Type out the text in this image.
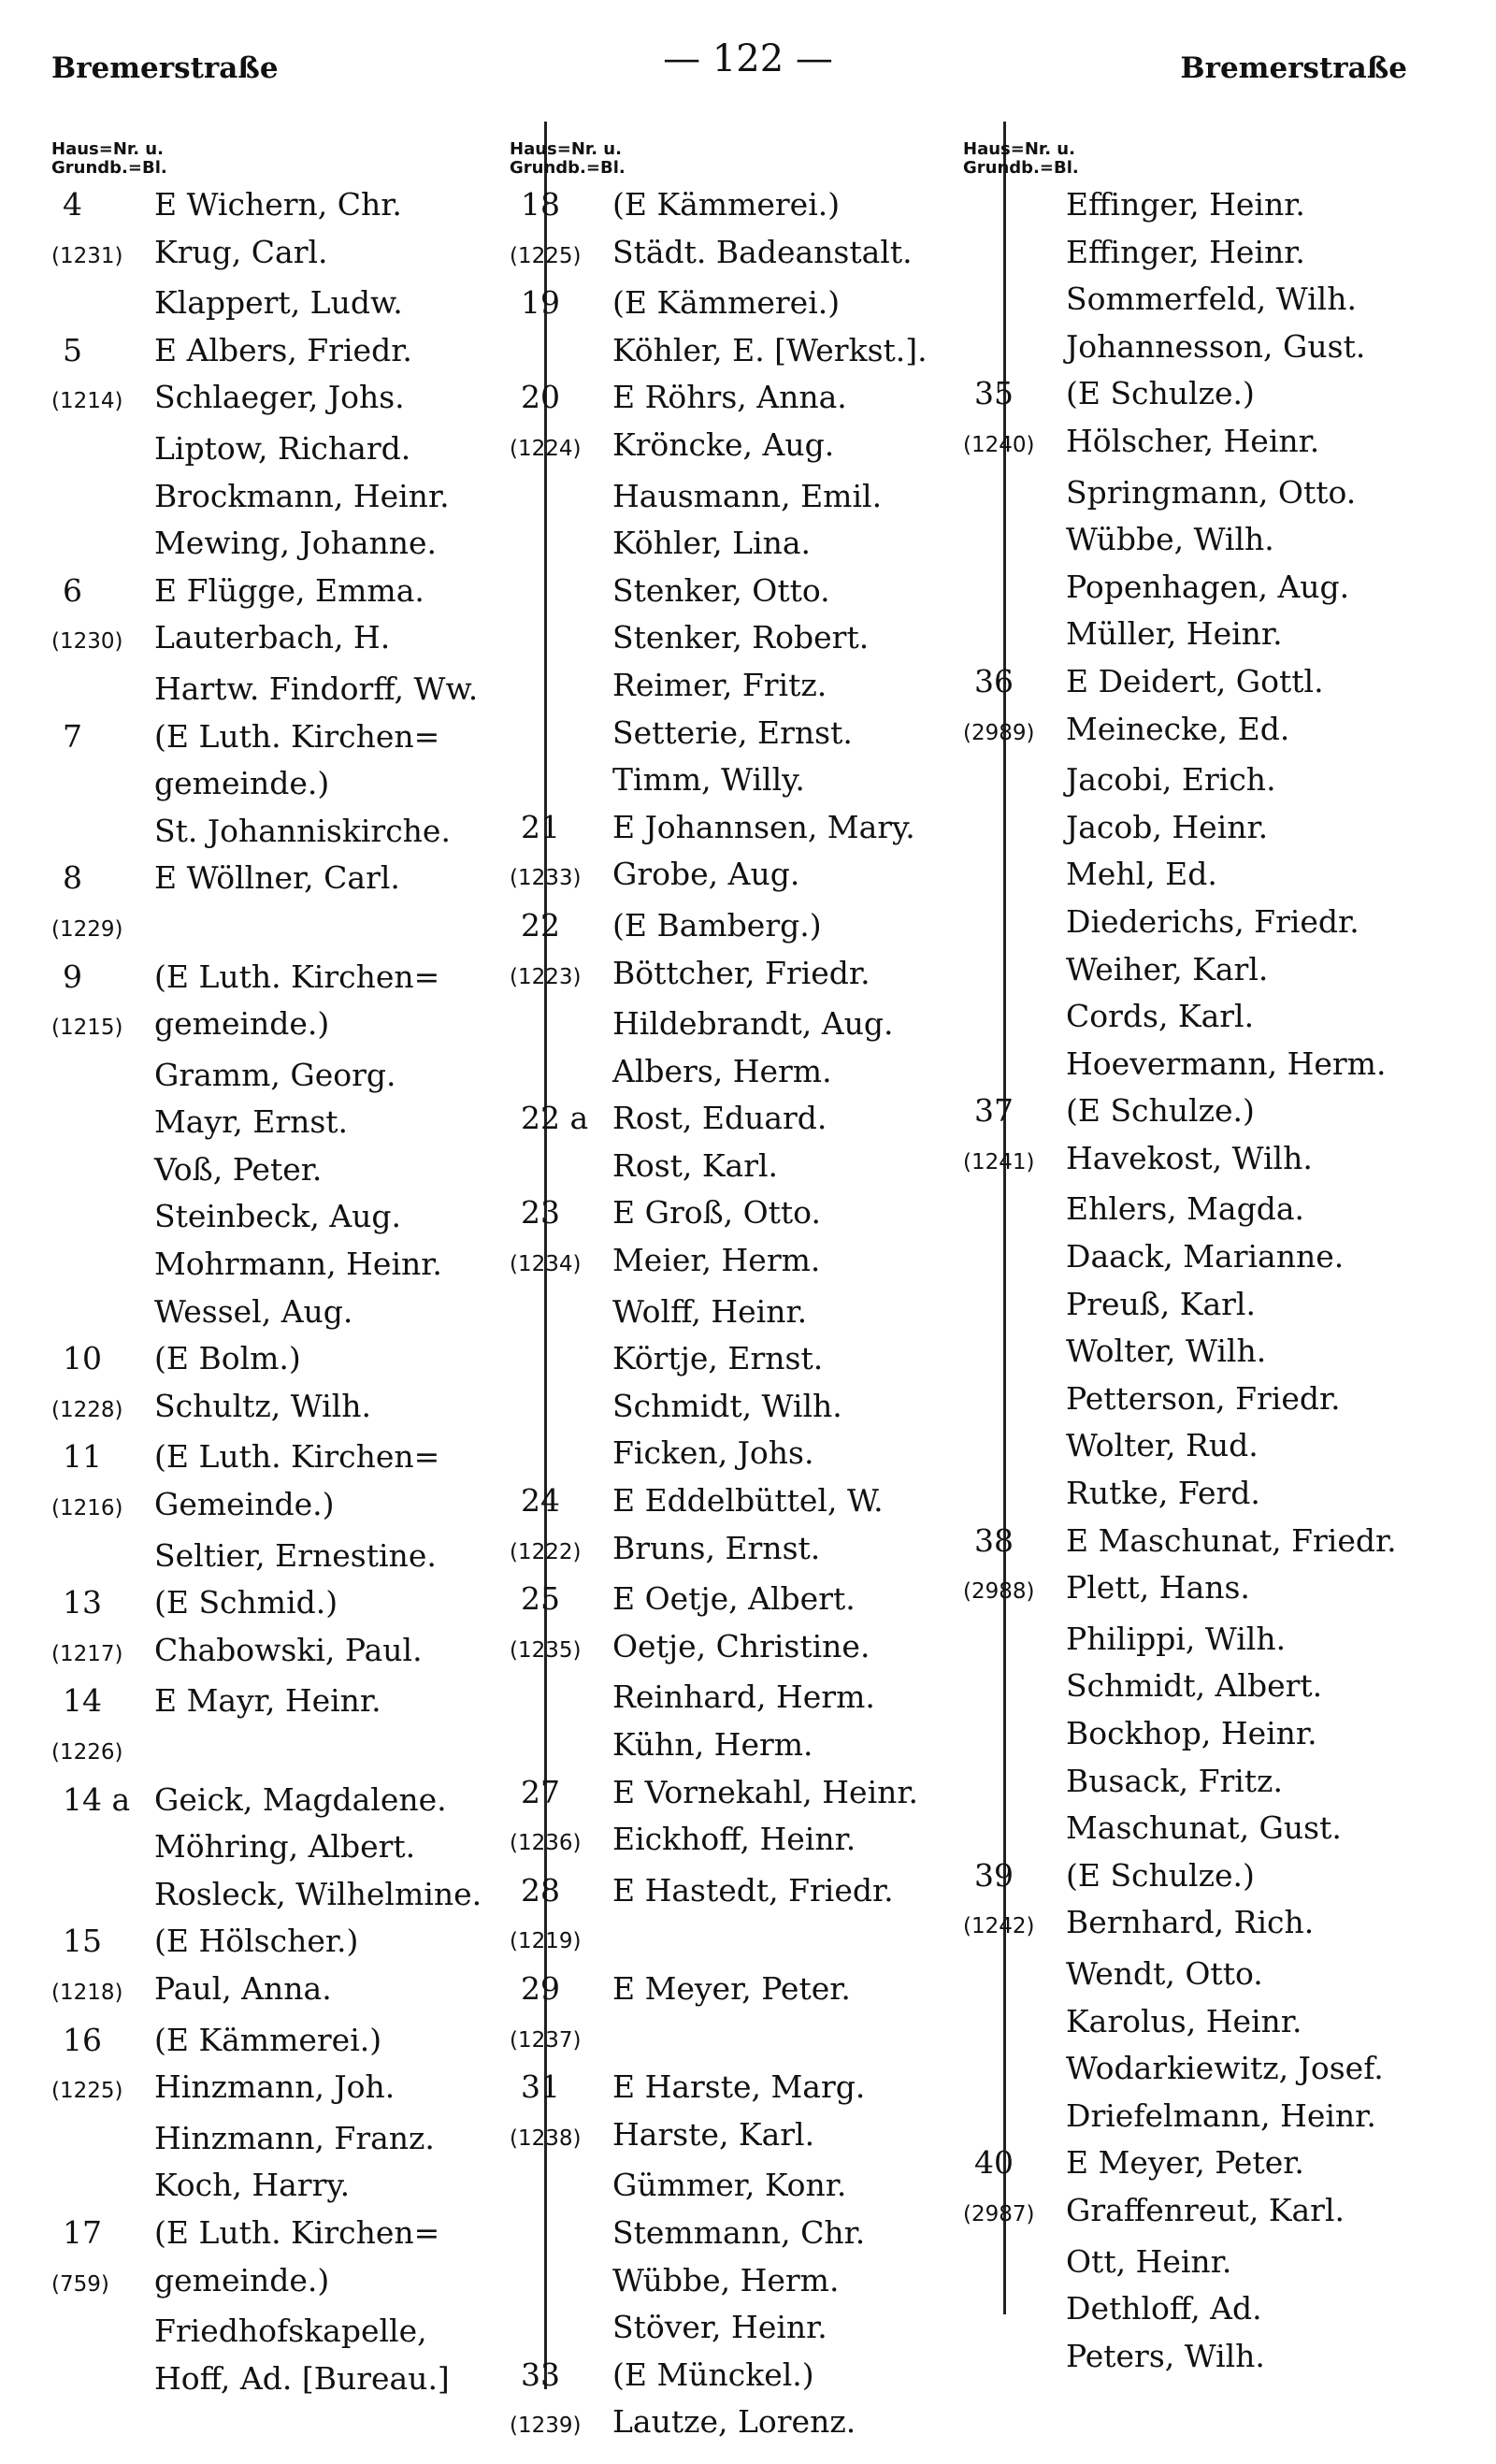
Bremerstraße	— 122 —	Bremerstraße
Haus=Nr. u.
Grundb.=Bl.
4	E Wichern, Chr.
(1231)	Krug, Carl.
Klappert, Ludw.
5	E Albers, Friedr.
(1214)	Schlaeger, Johs.
Liptow, Richard.
Brockmann, Heinr.
Mewing, Johanne.
6	E Flügge, Emma.
(1230)	Lauterbach, H.
Hartw. Findorff, Ww.
7	(E Luth. Kirchen=
gemeinde.)
St. Johanniskirche.
8	E Wöllner, Carl.
(1229)
9	(E Luth. Kirchen=
(1215)	gemeinde.)
Gramm, Georg.
Mayr, Ernst.
Voß, Peter.
Steinbeck, Aug.
Mohrmann, Heinr.
Wessel, Aug.
10	(E Bolm.)
(1228)	Schultz, Wilh.
11	(E Luth. Kirchen=
(1216)	Gemeinde.)
Seltier, Ernestine.
13	(E Schmid.)
(1217)	Chabowski, Paul.
14	E Mayr, Heinr.
(1226)
14 a Geick, Magdalene.
Möhring, Albert.
Rosleck, Wilhelmine.
15	(E Hölscher.)
(1218)	Paul, Anna.
16	(E Kämmerei.)
(1225)	Hinzmann, Joh.
Hinzmann, Franz.
Koch, Harry.
17	(E Luth. Kirchen=
(759)	gemeinde.)
Friedhofskapelle,
Hoff, Ad. [Bureau.]
Haus=Nr. u.
Grundb.=Bl.
18	(E Kämmerei.)
(1225)	Städt. Badeanstalt.
19	(E Kämmerei.)
Köhler, E. [Werkst.].
20	E Röhrs, Anna.
(1224)	Kröncke, Aug.
Hausmann, Emil.
Köhler, Lina.
Stenker, Otto.
Stenker, Robert.
Reimer, Fritz.
Setterie, Ernst.
Timm, Willy.
21	E Johannsen, Mary.
(1233)	Grobe, Aug.
22	(E Bamberg.)
(1223)	Böttcher, Friedr.
Hildebrandt, Aug.
Albers, Herm.
22 a Rost, Eduard.
Rost, Karl.
23	E Groß, Otto.
(1234)	Meier, Herm.
Wolff, Heinr.
Körtje, Ernst.
Schmidt, Wilh.
Ficken, Johs.
24	E Eddelbüttel, W.
(1222)	Bruns, Ernst.
25	E Oetje, Albert.
(1235)	Oetje, Christine.
Reinhard, Herm.
Kühn, Herm.
27	E Vornekahl, Heinr.
(1236)	Eickhoff, Heinr.
28	E Hastedt, Friedr.
(1219)
29	E Meyer, Peter.
(1237)
31	E Harste, Marg.
(1238)	Harste, Karl.
Gümmer, Konr.
Stemmann, Chr.
Wübbe, Herm.
Stöver, Heinr.
33	(E Münckel.)
(1239)	Lautze, Lorenz.
Haus=Nr. u.
Grundb.=Bl.
Effinger, Heinr.
Effinger, Heinr.
Sommerfeld, Wilh.
Johannesson, Gust.
35	(E Schulze.)
(1240)	Hölscher, Heinr.
Springmann, Otto.
Wübbe, Wilh.
Popenhagen, Aug.
Müller, Heinr.
36	E Deidert, Gottl.
(2989)	Meinecke, Ed.
Jacobi, Erich.
Jacob, Heinr.
Mehl, Ed.
Diederichs, Friedr.
Weiher, Karl.
Cords, Karl.
Hoevermann, Herm.
37	(E Schulze.)
(1241)	Havekost, Wilh.
Ehlers, Magda.
Daack, Marianne.
Preuß, Karl.
Wolter, Wilh.
Petterson, Friedr.
Wolter, Rud.
Rutke, Ferd.
38	E Maschunat, Friedr.
(2988)	Plett, Hans.
Philippi, Wilh.
Schmidt, Albert.
Bockhop, Heinr.
Busack, Fritz.
Maschunat, Gust.
39	(E Schulze.)
(1242)	Bernhard, Rich.
Wendt, Otto.
Karolus, Heinr.
Wodarkiewitz, Josef.
Driefelmann, Heinr.
40	E Meyer, Peter.
(2987)	Graffenreut, Karl.
Ott, Heinr.
Dethloff, Ad.
Peters, Wilh.
